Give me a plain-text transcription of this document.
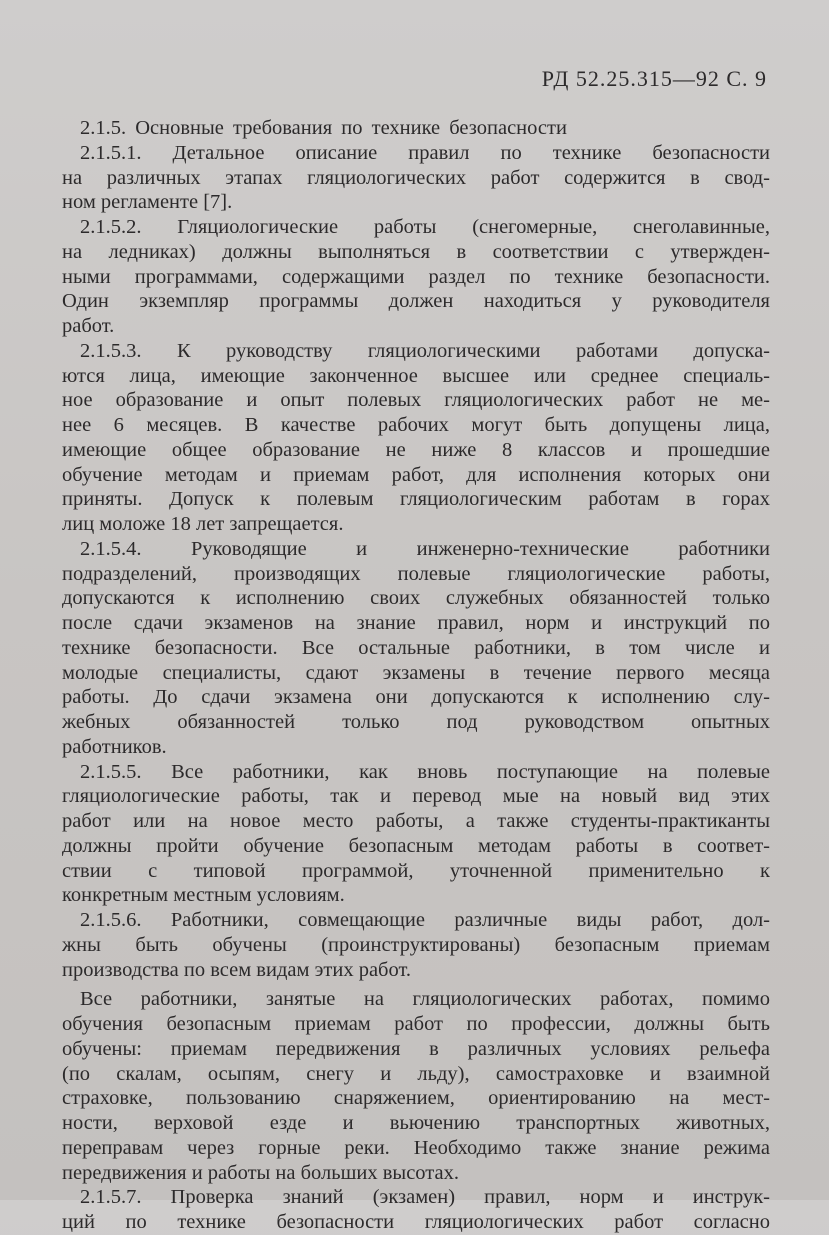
РД 52.25.315—92 С. 9
2.1.5. Основные требования по технике безопасности
2.1.5.1. Детальное описание правил по технике безопасности
на различных этапах гляциологических работ содержится в свод-
ном регламенте [7].
2.1.5.2. Гляциологические работы (снегомерные, снеголавинные,
на ледниках) должны выполняться в соответствии с утвержден-
ными программами, содержащими раздел по технике безопасности.
Один экземпляр программы должен находиться у руководителя
работ.
2.1.5.3. К руководству гляциологическими работами допуска-
ются лица, имеющие законченное высшее или среднее специаль-
ное образование и опыт полевых гляциологических работ не ме-
нее 6 месяцев. В качестве рабочих могут быть допущены лица,
имеющие общее образование не ниже 8 классов и прошедшие
обучение методам и приемам работ, для исполнения которых они
приняты. Допуск к полевым гляциологическим работам в горах
лиц моложе 18 лет запрещается.
2.1.5.4. Руководящие и инженерно-технические работники
подразделений, производящих полевые гляциологические работы,
допускаются к исполнению своих служебных обязанностей только
после сдачи экзаменов на знание правил, норм и инструкций по
технике безопасности. Все остальные работники, в том числе и
молодые специалисты, сдают экзамены в течение первого месяца
работы. До сдачи экзамена они допускаются к исполнению слу-
жебных обязанностей только под руководством опытных
работников.
2.1.5.5. Все работники, как вновь поступающие на полевые
гляциологические работы, так и перевод мые на новый вид этих
работ или на новое место работы, а также студенты-практиканты
должны пройти обучение безопасным методам работы в соответ-
ствии с типовой программой, уточненной применительно к
конкретным местным условиям.
2.1.5.6. Работники, совмещающие различные виды работ, дол-
жны быть обучены (проинструктированы) безопасным приемам
производства по всем видам этих работ.
Все работники, занятые на гляциологических работах, помимо
обучения безопасным приемам работ по профессии, должны быть
обучены: приемам передвижения в различных условиях рельефа
(по скалам, осыпям, снегу и льду), самостраховке и взаимной
страховке, пользованию снаряжением, ориентированию на мест-
ности, верховой езде и вьючению транспортных животных,
переправам через горные реки. Необходимо также знание режима
передвижения и работы на больших высотах.
2.1.5.7. Проверка знаний (экзамен) правил, норм и инструк-
ций по технике безопасности гляциологических работ согласно
